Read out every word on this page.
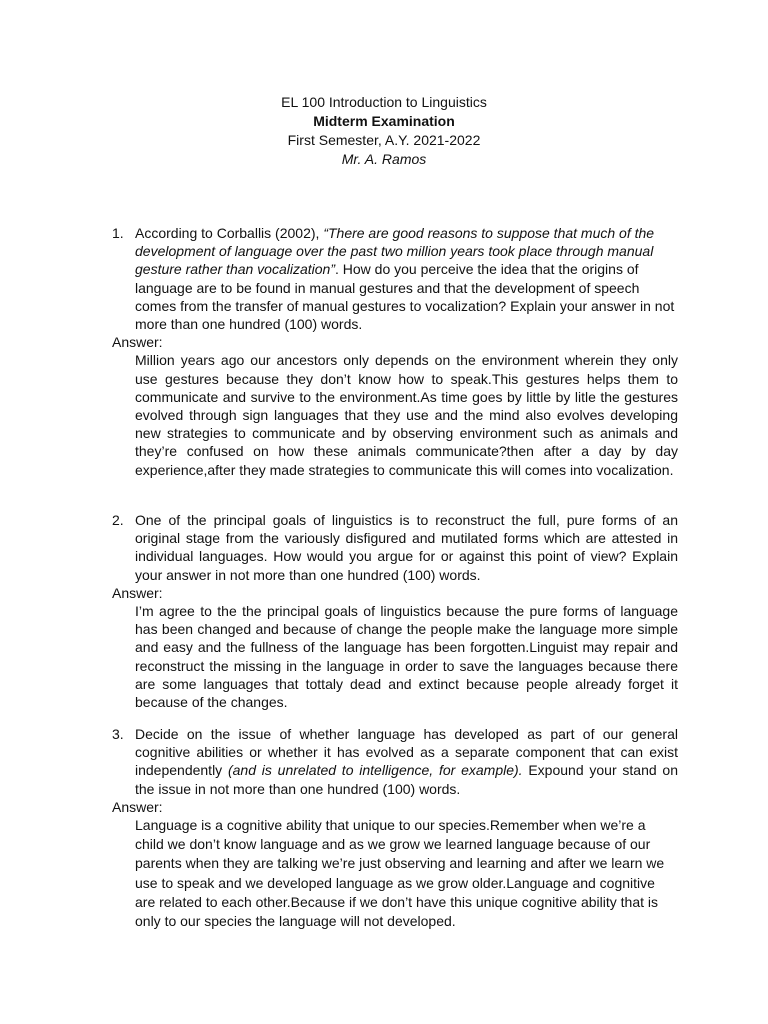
EL 100 Introduction to Linguistics
Midterm Examination
First Semester, A.Y. 2021-2022
Mr. A. Ramos
1. According to Corballis (2002), “There are good reasons to suppose that much of the development of language over the past two million years took place through manual gesture rather than vocalization”. How do you perceive the idea that the origins of language are to be found in manual gestures and that the development of speech comes from the transfer of manual gestures to vocalization? Explain your answer in not more than one hundred (100) words.
Answer:
Million years ago our ancestors only depends on the environment wherein they only use gestures because they don’t know how to speak.This gestures helps them to communicate and survive to the environment.As time goes by little by litle the gestures evolved through sign languages that they use and the mind also evolves developing new strategies to communicate and by observing environment such as animals and they’re confused on how these animals communicate?then after a day by day experience,after they made strategies to communicate this will comes into vocalization.
2. One of the principal goals of linguistics is to reconstruct the full, pure forms of an original stage from the variously disfigured and mutilated forms which are attested in individual languages. How would you argue for or against this point of view? Explain your answer in not more than one hundred (100) words.
Answer:
I’m agree to the the principal goals of linguistics because the pure forms of language has been changed and because of change the people make the language more simple and easy and the fullness of the language has been forgotten.Linguist may repair and reconstruct the missing in the language in order to save the languages because there are some languages that tottaly dead and extinct because people already forget it because of the changes.
3. Decide on the issue of whether language has developed as part of our general cognitive abilities or whether it has evolved as a separate component that can exist independently (and is unrelated to intelligence, for example). Expound your stand on the issue in not more than one hundred (100) words.
Answer:
Language is a cognitive ability that unique to our species.Remember when we’re a child we don’t know language and as we grow we learned language because of our parents when they are talking we’re just observing and learning and after we learn we use to speak and we developed language as we grow older.Language and cognitive are related to each other.Because if we don’t have this unique cognitive ability that is only to our species the language will not developed.
